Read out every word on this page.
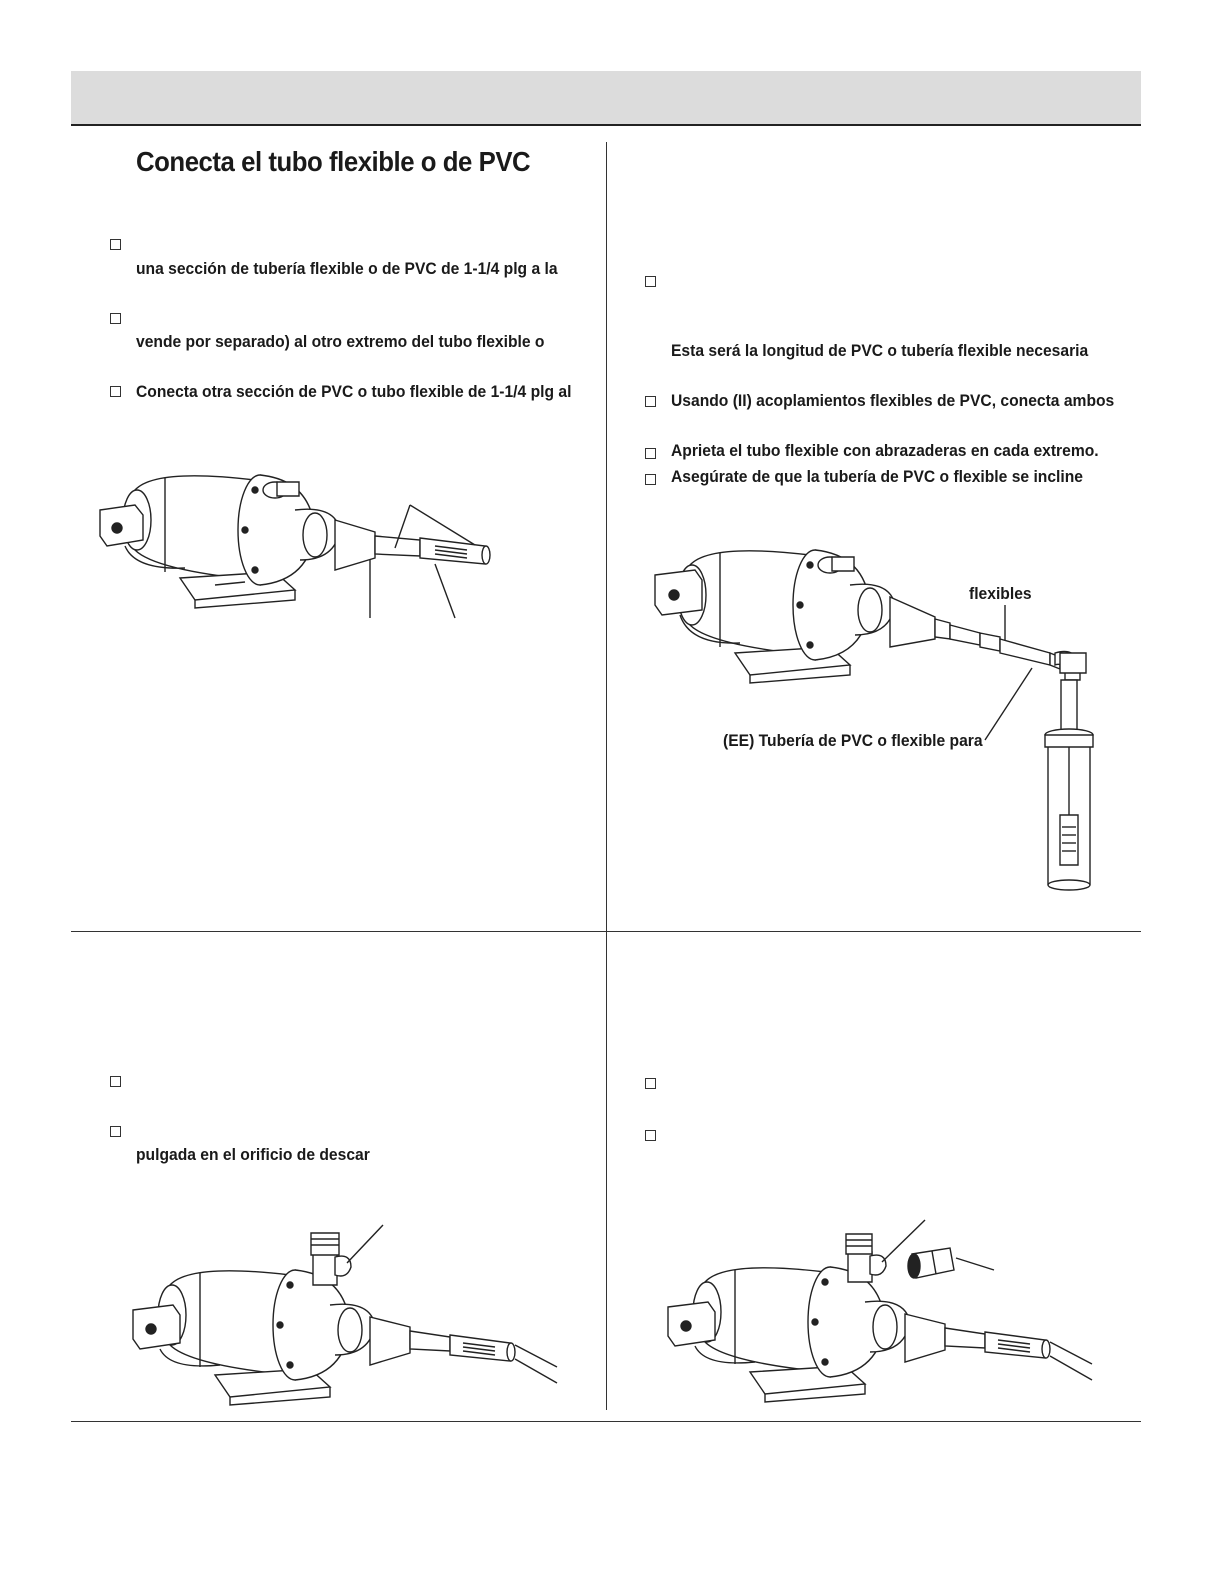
Conecta el tubo flexible o de PVC
una sección de tubería flexible o de PVC de 1-1/4 plg a la
vende por separado) al otro extremo del tubo flexible o
Conecta otra sección de PVC o tubo flexible de 1-1/4 plg al
Esta será la longitud de PVC o tubería flexible necesaria
Usando (II) acoplamientos flexibles de PVC, conecta ambos
Aprieta el tubo flexible con abrazaderas en cada extremo.
Asegúrate de que la tubería de PVC o flexible se incline
flexibles
(EE) Tubería de PVC o flexible para
pulgada en el orificio de descar
